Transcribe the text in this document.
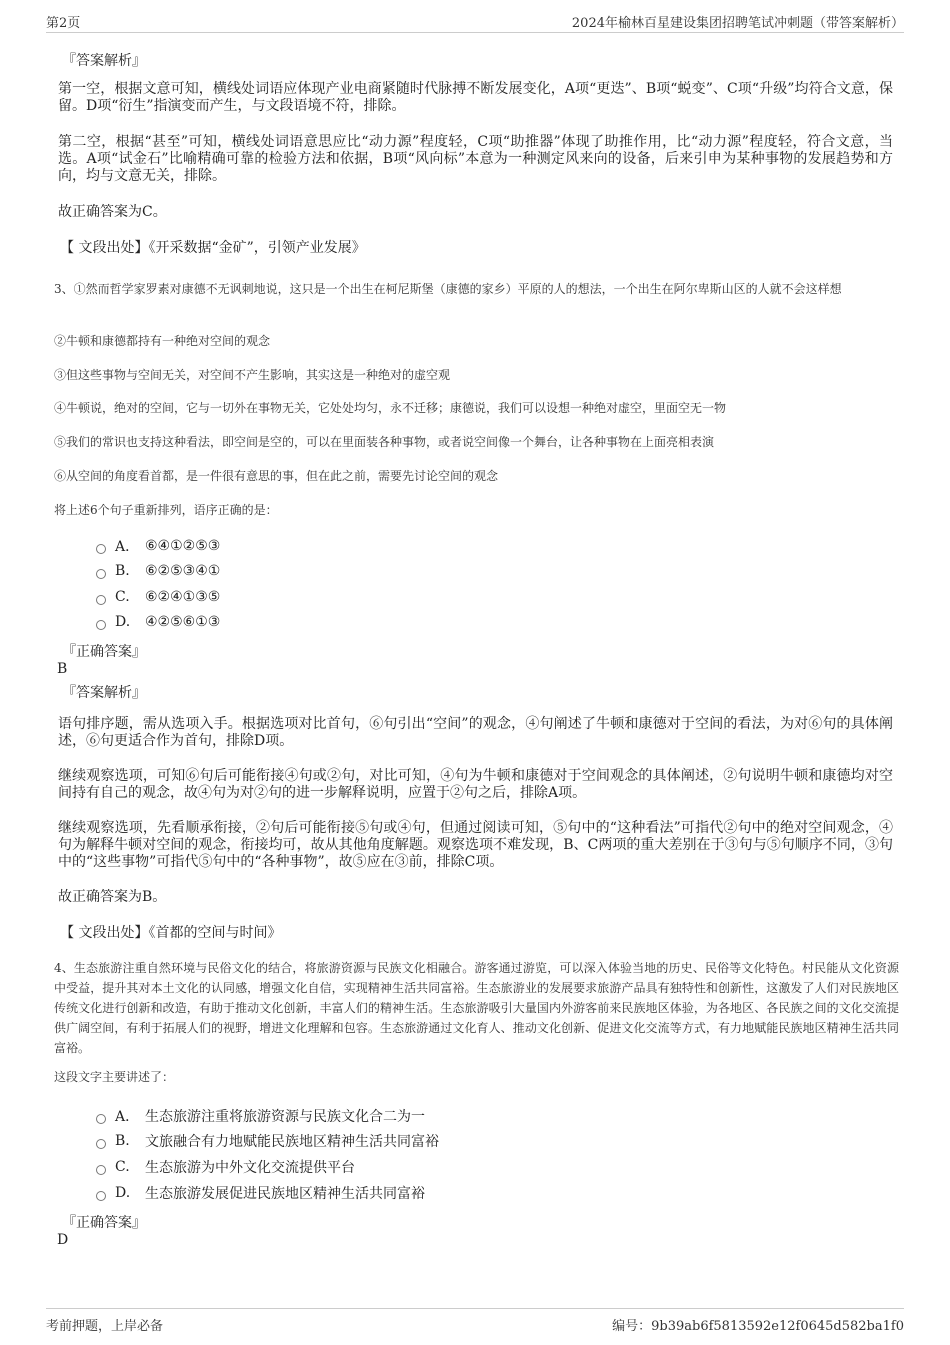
第2页	2024年榆林百星建设集团招聘笔试冲刺题（带答案解析）
『答案解析』
第一空，根据文意可知，横线处词语应体现产业电商紧随时代脉搏不断发展变化，A项“更迭”、B项“蜕变”、C项“升级”均符合文意，保留。D项“衍生”指演变而产生，与文段语境不符，排除。
第二空，根据“甚至”可知，横线处词语意思应比“动力源”程度轻，C项“助推器”体现了助推作用，比“动力源”程度轻，符合文意，当选。A项“试金石”比喻精确可靠的检验方法和依据，B项“风向标”本意为一种测定风来向的设备，后来引申为某种事物的发展趋势和方向，均与文意无关，排除。
故正确答案为C。
【 文段出处】《开采数据“金矿”，引领产业发展》
3、①然而哲学家罗素对康德不无讽刺地说，这只是一个出生在柯尼斯堡（康德的家乡）平原的人的想法，一个出生在阿尔卑斯山区的人就不会这样想
②牛顿和康德都持有一种绝对空间的观念
③但这些事物与空间无关，对空间不产生影响，其实这是一种绝对的虚空观
④牛顿说，绝对的空间，它与一切外在事物无关，它处处均匀，永不迁移；康德说，我们可以设想一种绝对虚空，里面空无一物
⑤我们的常识也支持这种看法，即空间是空的，可以在里面装各种事物，或者说空间像一个舞台，让各种事物在上面亮相表演
⑥从空间的角度看首都，是一件很有意思的事，但在此之前，需要先讨论空间的观念
将上述6个句子重新排列，语序正确的是：
A． ⑥④①②⑤③
B.	⑥②⑤③④①
C.	⑥②④①③⑤
D.	④②⑤⑥①③
『正确答案』
B
『答案解析』
语句排序题，需从选项入手。根据选项对比首句，⑥句引出“空间”的观念，④句阐述了牛顿和康德对于空间的看法，为对⑥句的具体阐述，⑥句更适合作为首句，排除D项。
继续观察选项，可知⑥句后可能衔接④句或②句，对比可知，④句为牛顿和康德对于空间观念的具体阐述，②句说明牛顿和康德均对空间持有自己的观念，故④句为对②句的进一步解释说明，应置于②句之后，排除A项。
继续观察选项，先看顺承衔接，②句后可能衔接⑤句或④句，但通过阅读可知，⑤句中的“这种看法”可指代②句中的绝对空间观念，④句为解释牛顿对空间的观念，衔接均可，故从其他角度解题。观察选项不难发现，B、C两项的重大差别在于③句与⑤句顺序不同，③句中的“这些事物”可指代⑤句中的“各种事物”，故⑤应在③前，排除C项。
故正确答案为B。
【 文段出处】《首都的空间与时间》
4、生态旅游注重自然环境与民俗文化的结合，将旅游资源与民族文化相融合。游客通过游览，可以深入体验当地的历史、民俗等文化特色。村民能从文化资源中受益，提升其对本土文化的认同感，增强文化自信，实现精神生活共同富裕。生态旅游业的发展要求旅游产品具有独特性和创新性，这激发了人们对民族地区传统文化进行创新和改造，有助于推动文化创新，丰富人们的精神生活。生态旅游吸引大量国内外游客前来民族地区体验，为各地区、各民族之间的文化交流提供广阔空间，有利于拓展人们的视野，增进文化理解和包容。生态旅游通过文化育人、推动文化创新、促进文化交流等方式，有力地赋能民族地区精神生活共同富裕。
这段文字主要讲述了：
A． 生态旅游注重将旅游资源与民族文化合二为一
B.	文旅融合有力地赋能民族地区精神生活共同富裕
C.	生态旅游为中外文化交流提供平台
D.	生态旅游发展促进民族地区精神生活共同富裕
『正确答案』
D
考前押题，上岸必备	编号：9b39ab6f5813592e12f0645d582ba1f0
